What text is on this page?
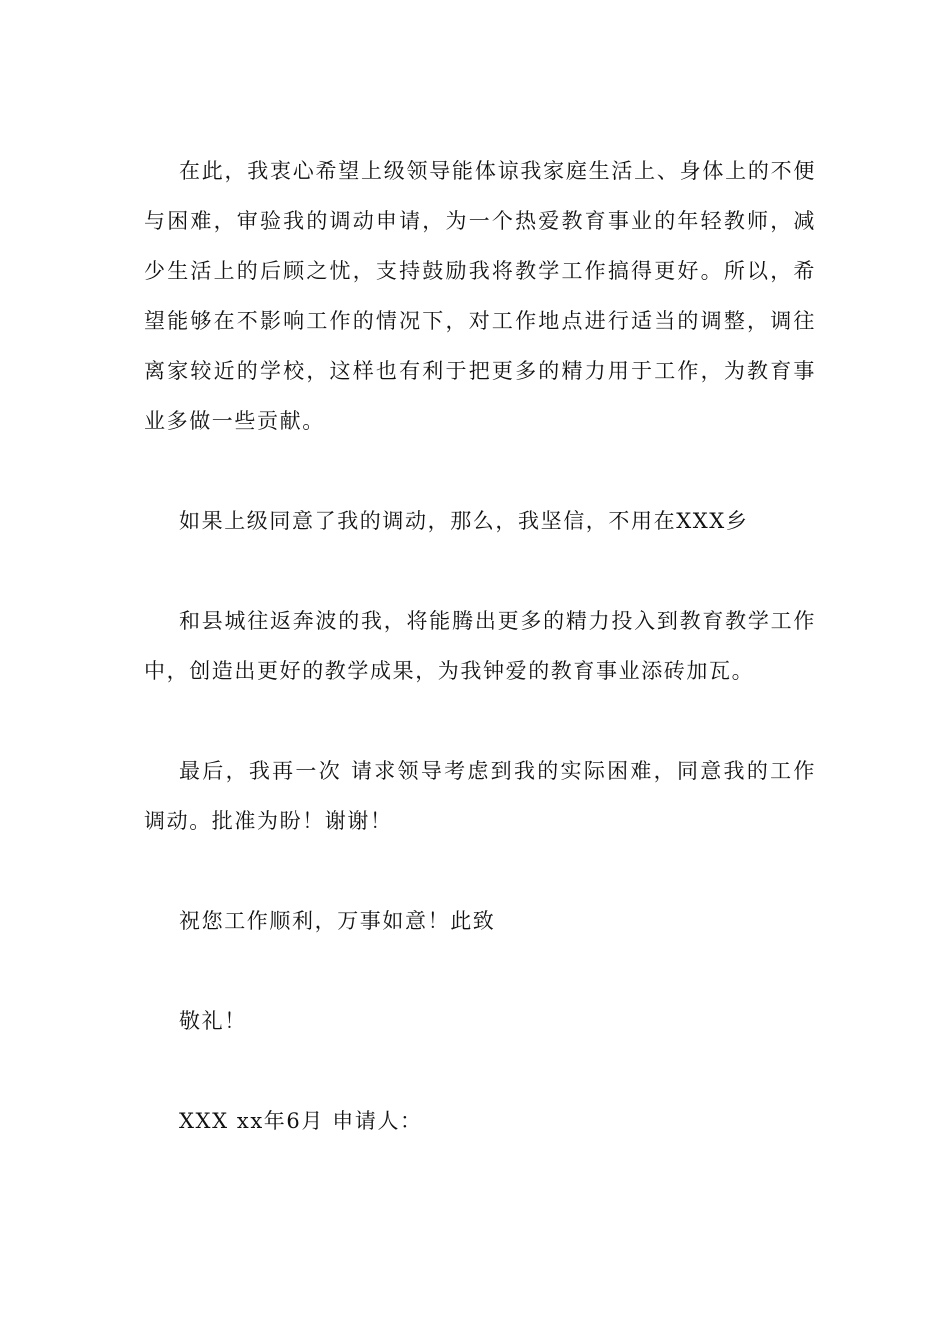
在此，我衷心希望上级领导能体谅我家庭生活上、身体上的不便与困难，审验我的调动申请，为一个热爱教育事业的年轻教师，减少生活上的后顾之忧，支持鼓励我将教学工作搞得更好。所以，希望能够在不影响工作的情况下，对工作地点进行适当的调整，调往离家较近的学校，这样也有利于把更多的精力用于工作，为教育事业多做一些贡献。

如果上级同意了我的调动，那么，我坚信，不用在XXX乡

和县城往返奔波的我，将能腾出更多的精力投入到教育教学工作中，创造出更好的教学成果，为我钟爱的教育事业添砖加瓦。

最后，我再一次 请求领导考虑到我的实际困难，同意我的工作调动。批准为盼！谢谢！

祝您工作顺利，万事如意！此致

敬礼！

XXX xx年6月 申请人：
